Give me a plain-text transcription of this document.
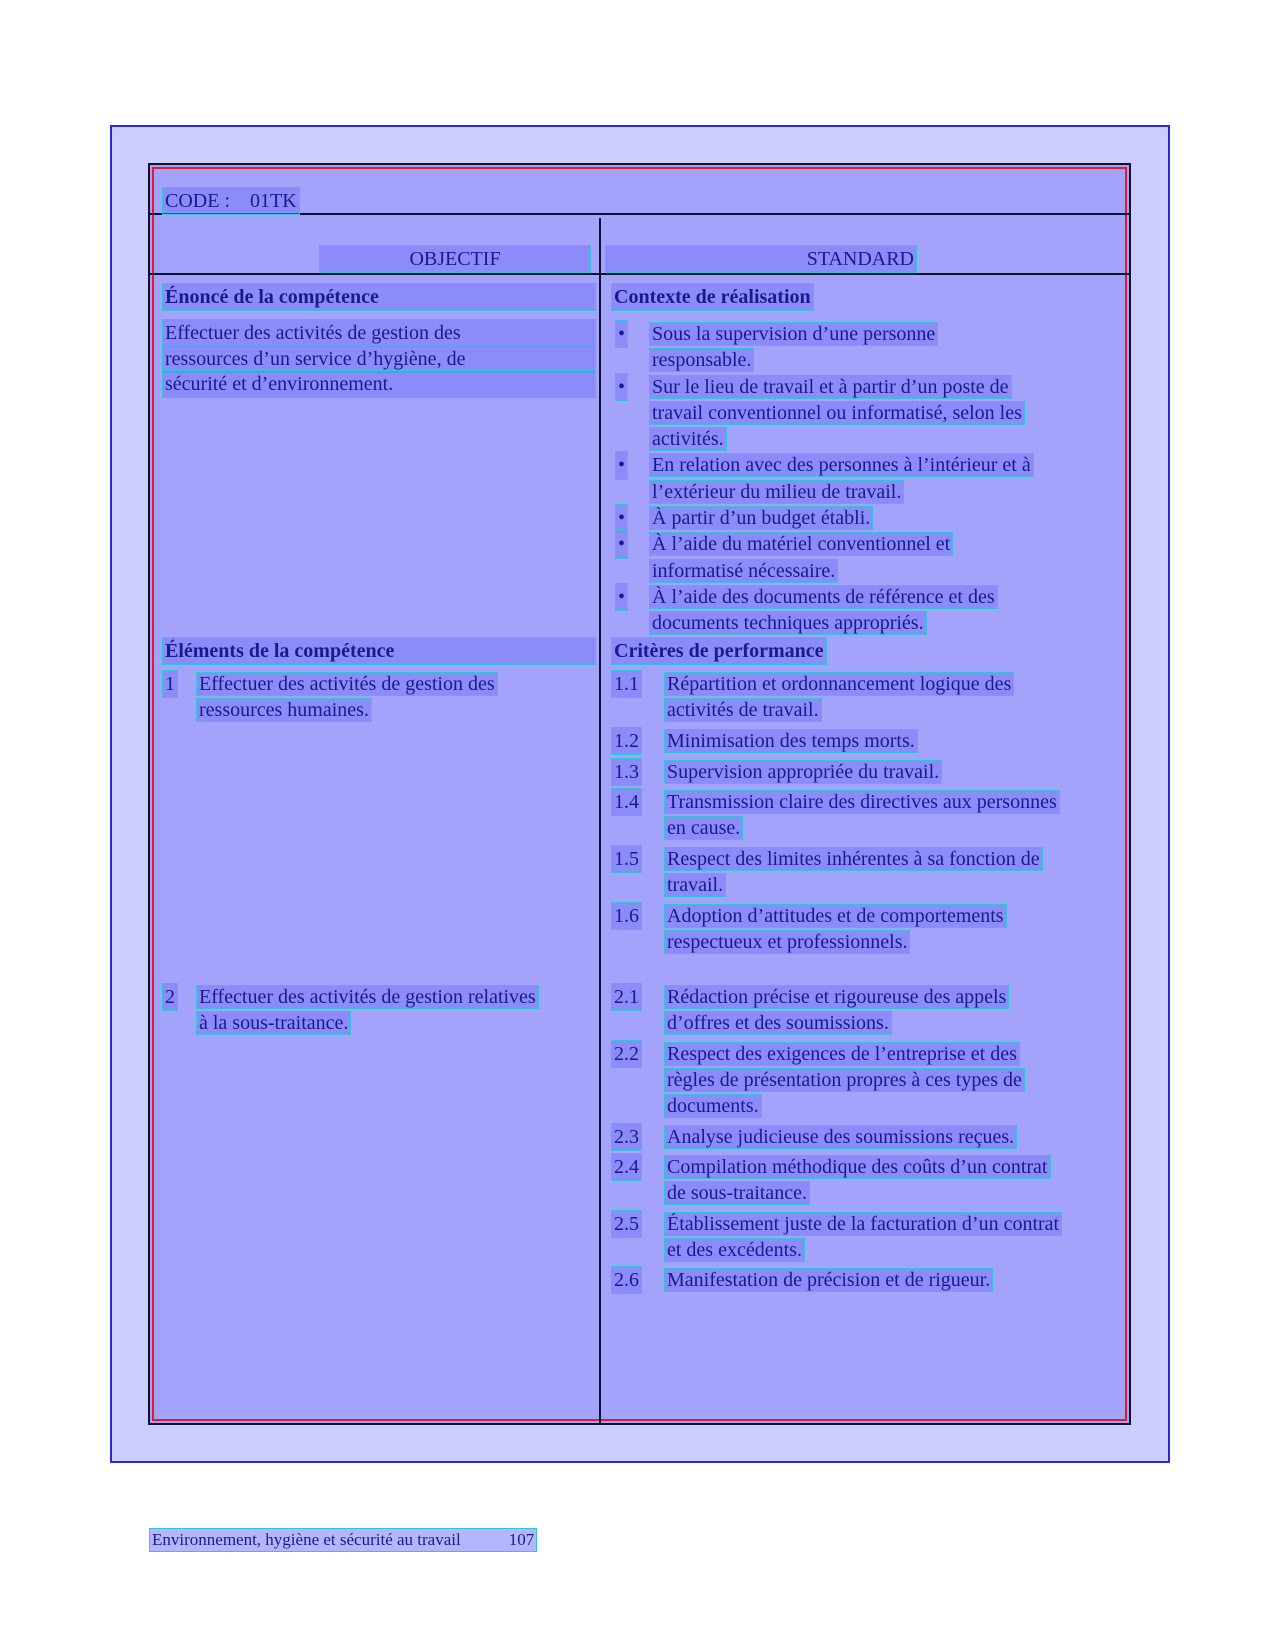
CODE : 01TK
OBJECTIF	STANDARD
Énoncé de la compétence
Effectuer des activités de gestion des
ressources d’un service d’hygiène, de
sécurité et d’environnement.
Contexte de réalisation
• Sous la supervision d’une personne
responsable.
• Sur le lieu de travail et à partir d’un poste de
travail conventionnel ou informatisé, selon les
activités.
• En relation avec des personnes à l’intérieur et à
l’extérieur du milieu de travail.
• À partir d’un budget établi.
• À l’aide du matériel conventionnel et
informatisé nécessaire.
• À l’aide des documents de référence et des
documents techniques appropriés.
Éléments de la compétence
1 Effectuer des activités de gestion des
ressources humaines.
2 Effectuer des activités de gestion relatives
à la sous-traitance.
Critères de performance
1.1 Répartition et ordonnancement logique des
activités de travail.
1.2 Minimisation des temps morts.
1.3 Supervision appropriée du travail.
1.4 Transmission claire des directives aux personnes
en cause.
1.5 Respect des limites inhérentes à sa fonction de
travail.
1.6 Adoption d’attitudes et de comportements
respectueux et professionnels.
2.1 Rédaction précise et rigoureuse des appels
d’offres et des soumissions.
2.2 Respect des exigences de l’entreprise et des
règles de présentation propres à ces types de
documents.
2.3 Analyse judicieuse des soumissions reçues.
2.4 Compilation méthodique des coûts d’un contrat
de sous-traitance.
2.5 Établissement juste de la facturation d’un contrat
et des excédents.
2.6 Manifestation de précision et de rigueur.
Environnement, hygiène et sécurité au travail	107
